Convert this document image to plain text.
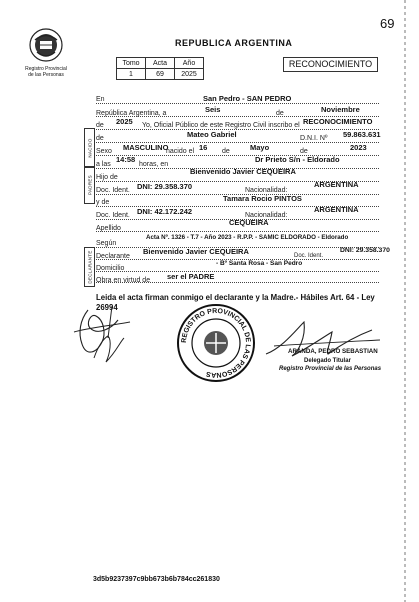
69
Registro Provincial de las Personas
REPUBLICA ARGENTINA
Tomo	Acta	Año
1	69	2025
RECONOCIMIENTO
NACIDO
PADRES
DECLARANTE
En	San Pedro - SAN PEDRO
República Argentina, a	Seis	de	Noviembre
de 2025 Yo, Oficial Público de este Registro Civil inscribo el RECONOCIMIENTO
de	Mateo Gabriel	D.N.I. Nº 59.863.631
Sexo MASCULINO
nacido el 16 de	Mayo	de	2023
a las
14:58
horas, en
Dr Prieto S/n - Eldorado
Hijo de
Bienvenido Javier CEQUEIRA
Doc. Ident. DNI: 29.358.370	Nacionalidad:
ARGENTINA
y de	Tamara Rocio PINTOS
Doc. Ident. DNI: 42.172.242	Nacionalidad:
ARGENTINA
Apellido
CEQUEIRA
Según
Acta Nº. 1326 - T.7 - Año 2023 - R.P.P. - SAMIC ELDORADO - Eldorado
Declarante
Bienvenido Javier CEQUEIRA	Doc. Ident.
DNI: 29.358.370
Domicilio
- Bº Santa Rosa - San Pedro
Obra en virtud de ser el PADRE
Leida el acta firman conmigo el declarante y la Madre.- Hábiles Art. 64 - Ley 26994
REGISTRO PROVINCIAL DE LAS PERSONAS
ARANDA, PEDRO SEBASTIAN
Delegado Titular
Registro Provincial de las Personas
3d5b9237397c9bb673b6b784cc261830
